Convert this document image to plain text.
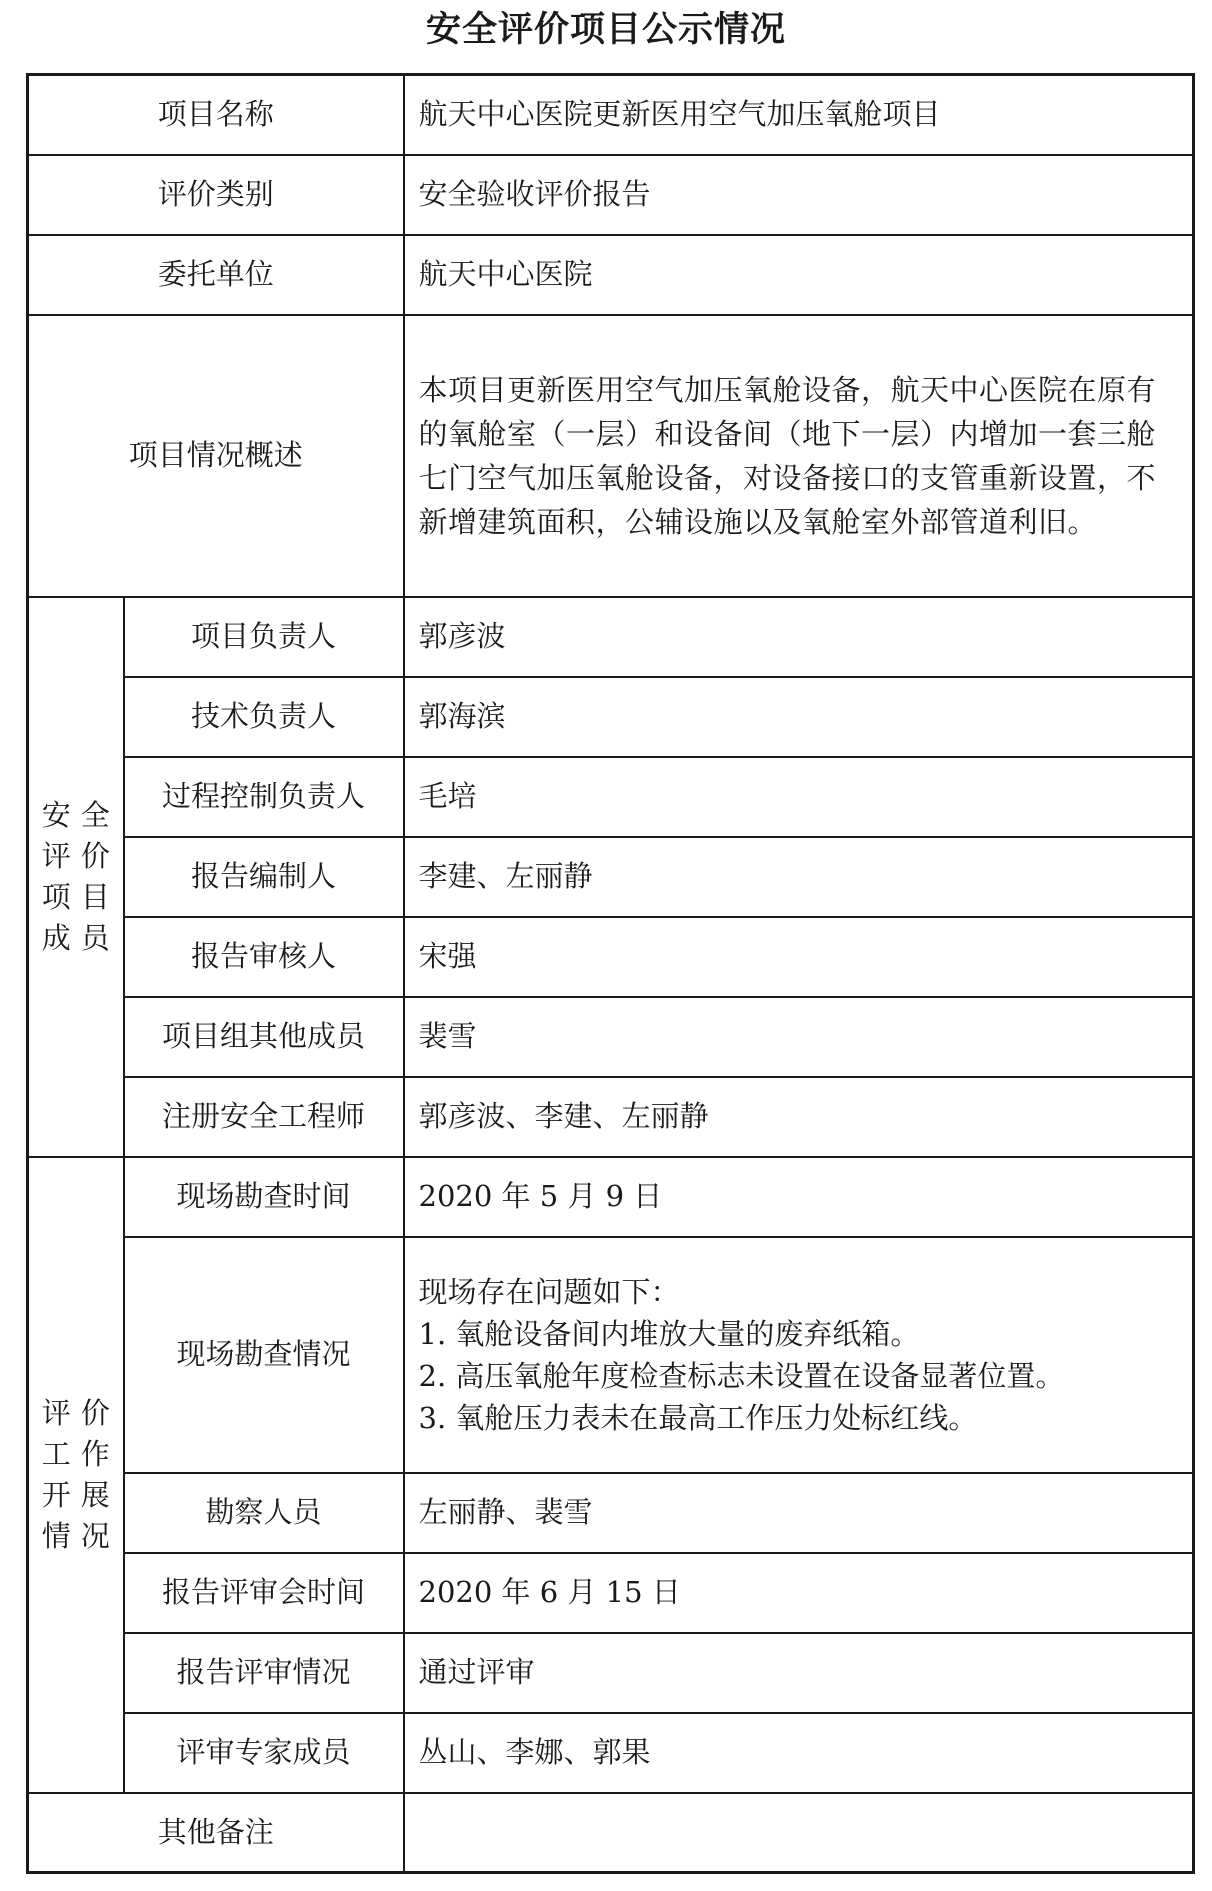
安全评价项目公示情况
项目名称		航天中心医院更新医用空气加压氧舱项目
评价类别		安全验收评价报告
委托单位		航天中心医院
项目情况概述		本项目更新医用空气加压氧舱设备，航天中心医院在原有的氧舱室（一层）和设备间（地下一层）内增加一套三舱七门空气加压氧舱设备，对设备接口的支管重新设置，不新增建筑面积，公辅设施以及氧舱室外部管道利旧。

安全
评价
项目
成员	项目负责人	郭彦波
	技术负责人	郭海滨
	过程控制负责人	毛培
	报告编制人	李建、左丽静
	报告审核人	宋强
	项目组其他成员	裴雪
	注册安全工程师	郭彦波、李建、左丽静

评价
工作
开展
情况	现场勘查时间	2020 年 5 月 9 日
	现场勘查情况	现场存在问题如下：
1. 氧舱设备间内堆放大量的废弃纸箱。
2. 高压氧舱年度检查标志未设置在设备显著位置。
3. 氧舱压力表未在最高工作压力处标红线。

	勘察人员	左丽静、裴雪
	报告评审会时间	2020 年 6 月 15 日
	报告评审情况	通过评审
	评审专家成员	丛山、李娜、郭果
其他备注		
